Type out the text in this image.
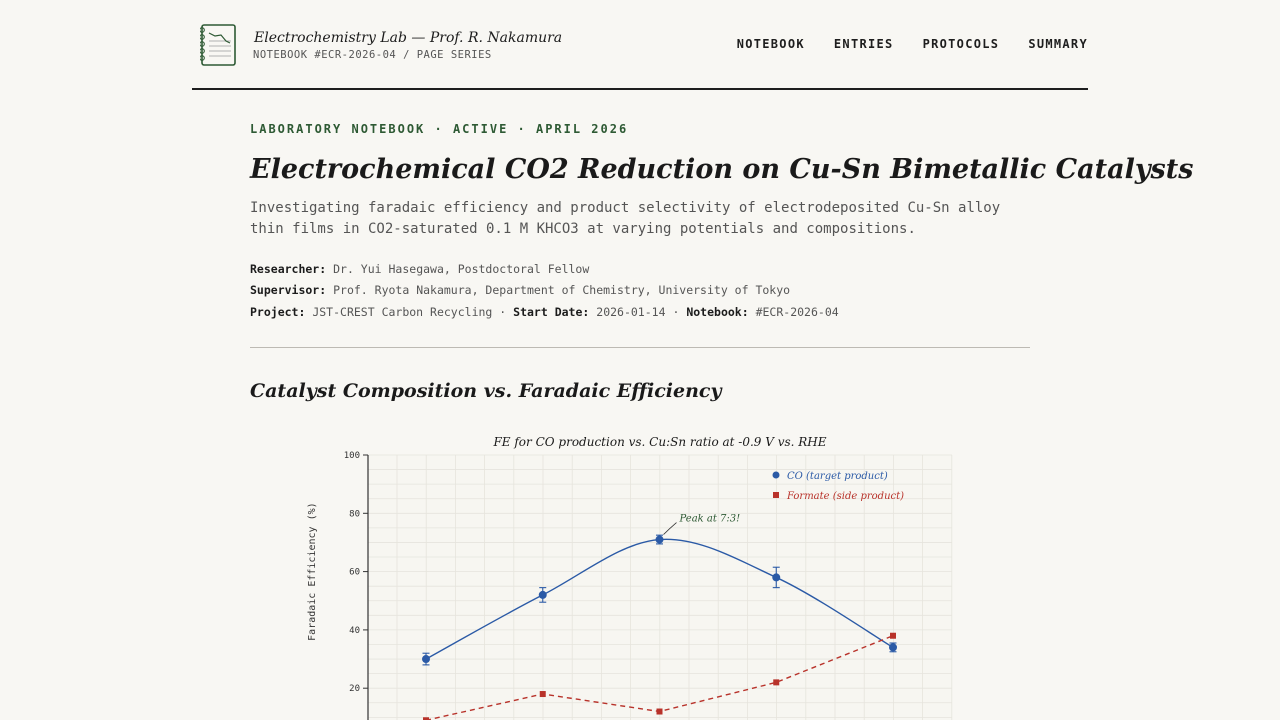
Electrochemistry Lab — Prof. R. Nakamura
NOTEBOOK #ECR-2026-04 / PAGE SERIES
NOTEBOOK ENTRIES PROTOCOLS SUMMARY
LABORATORY NOTEBOOK · ACTIVE · APRIL 2026
Electrochemical CO2 Reduction on Cu-Sn Bimetallic Catalysts

Investigating faradaic efficiency and product selectivity of electrodeposited Cu-Sn alloy thin films in CO2-saturated 0.1 M KHCO3 at varying potentials and compositions.

Researcher: Dr. Yui Hasegawa, Postdoctoral Fellow
Supervisor: Prof. Ryota Nakamura, Department of Chemistry, University of Tokyo
Project: JST-CREST Carbon Recycling · Start Date: 2026-01-14 · Notebook: #ECR-2026-04
Catalyst Composition vs. Faradaic Efficiency
20
40
60
80
100
Faradaic Efficiency (%)
FE for CO production vs. Cu:Sn ratio at -0.9 V vs. RHE
Peak at 7:3!
CO (target product)
Formate (side product)
